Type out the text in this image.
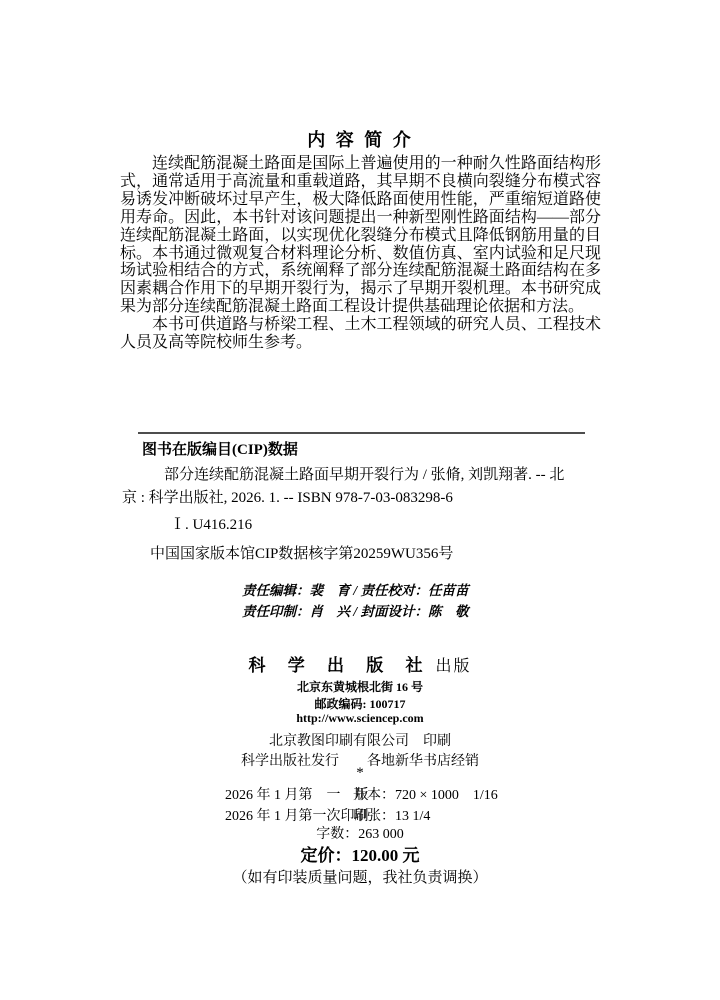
内 容 简 介

连续配筋混凝土路面是国际上普遍使用的一种耐久性路面结构形式，通常适用于高流量和重载道路，其早期不良横向裂缝分布模式容易诱发冲断破坏过早产生，极大降低路面使用性能，严重缩短道路使用寿命。因此，本书针对该问题提出一种新型刚性路面结构——部分连续配筋混凝土路面，以实现优化裂缝分布模式且降低钢筋用量的目标。本书通过微观复合材料理论分析、数值仿真、室内试验和足尺现场试验相结合的方式，系统阐释了部分连续配筋混凝土路面结构在多因素耦合作用下的早期开裂行为，揭示了早期开裂机理。本书研究成果为部分连续配筋混凝土路面工程设计提供基础理论依据和方法。

本书可供道路与桥梁工程、土木工程领域的研究人员、工程技术人员及高等院校师生参考。

图书在版编目(CIP)数据
部分连续配筋混凝土路面早期开裂行为 / 张脩, 刘凯翔著. -- 北
京 : 科学出版社, 2026. 1. -- ISBN 978-7-03-083298-6
Ⅰ. U416.216
中国国家版本馆CIP数据核字第20259WU356号
责任编辑：裴　育 / 责任校对：任苗苗
责任印制：肖　兴 / 封面设计：陈　敬
科 学 出 版 社 出版
北京东黄城根北街 16 号
邮政编码: 100717
http://www.sciencep.com
北京教图印刷有限公司　印刷
科学出版社发行　　各地新华书店经销
*
2026 年 1 月第　一　版
开本：720 × 1000　1/16
2026 年 1 月第一次印刷
印张：13 1/4
字数：263 000
定价：120.00 元
（如有印装质量问题，我社负责调换）
